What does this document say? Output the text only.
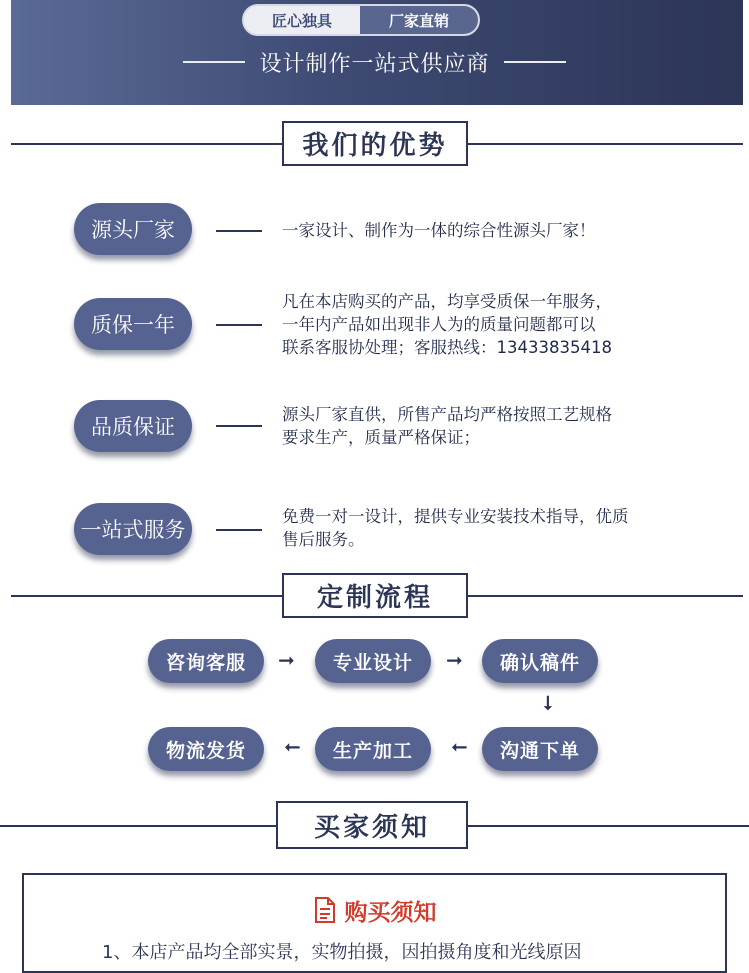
匠心独具	厂家直销
设计制作一站式供应商
我们的优势
源头厂家	一家设计、制作为一体的综合性源头厂家！
质保一年
凡在本店购买的产品，均享受质保一年服务，
一年内产品如出现非人为的质量问题都可以
联系客服协处理；客服热线：13433835418
品质保证
源头厂家直供，所售产品均严格按照工艺规格
要求生产，质量严格保证；
一站式服务
免费一对一设计，提供专业安装技术指导，优质
售后服务。
定制流程
咨询客服	➞	专业设计	➞	确认稿件
➞
物流发货	➞	生产加工	➞	沟通下单
买家须知
购买须知
1、本店产品均全部实景，实物拍摄，因拍摄角度和光线原因
